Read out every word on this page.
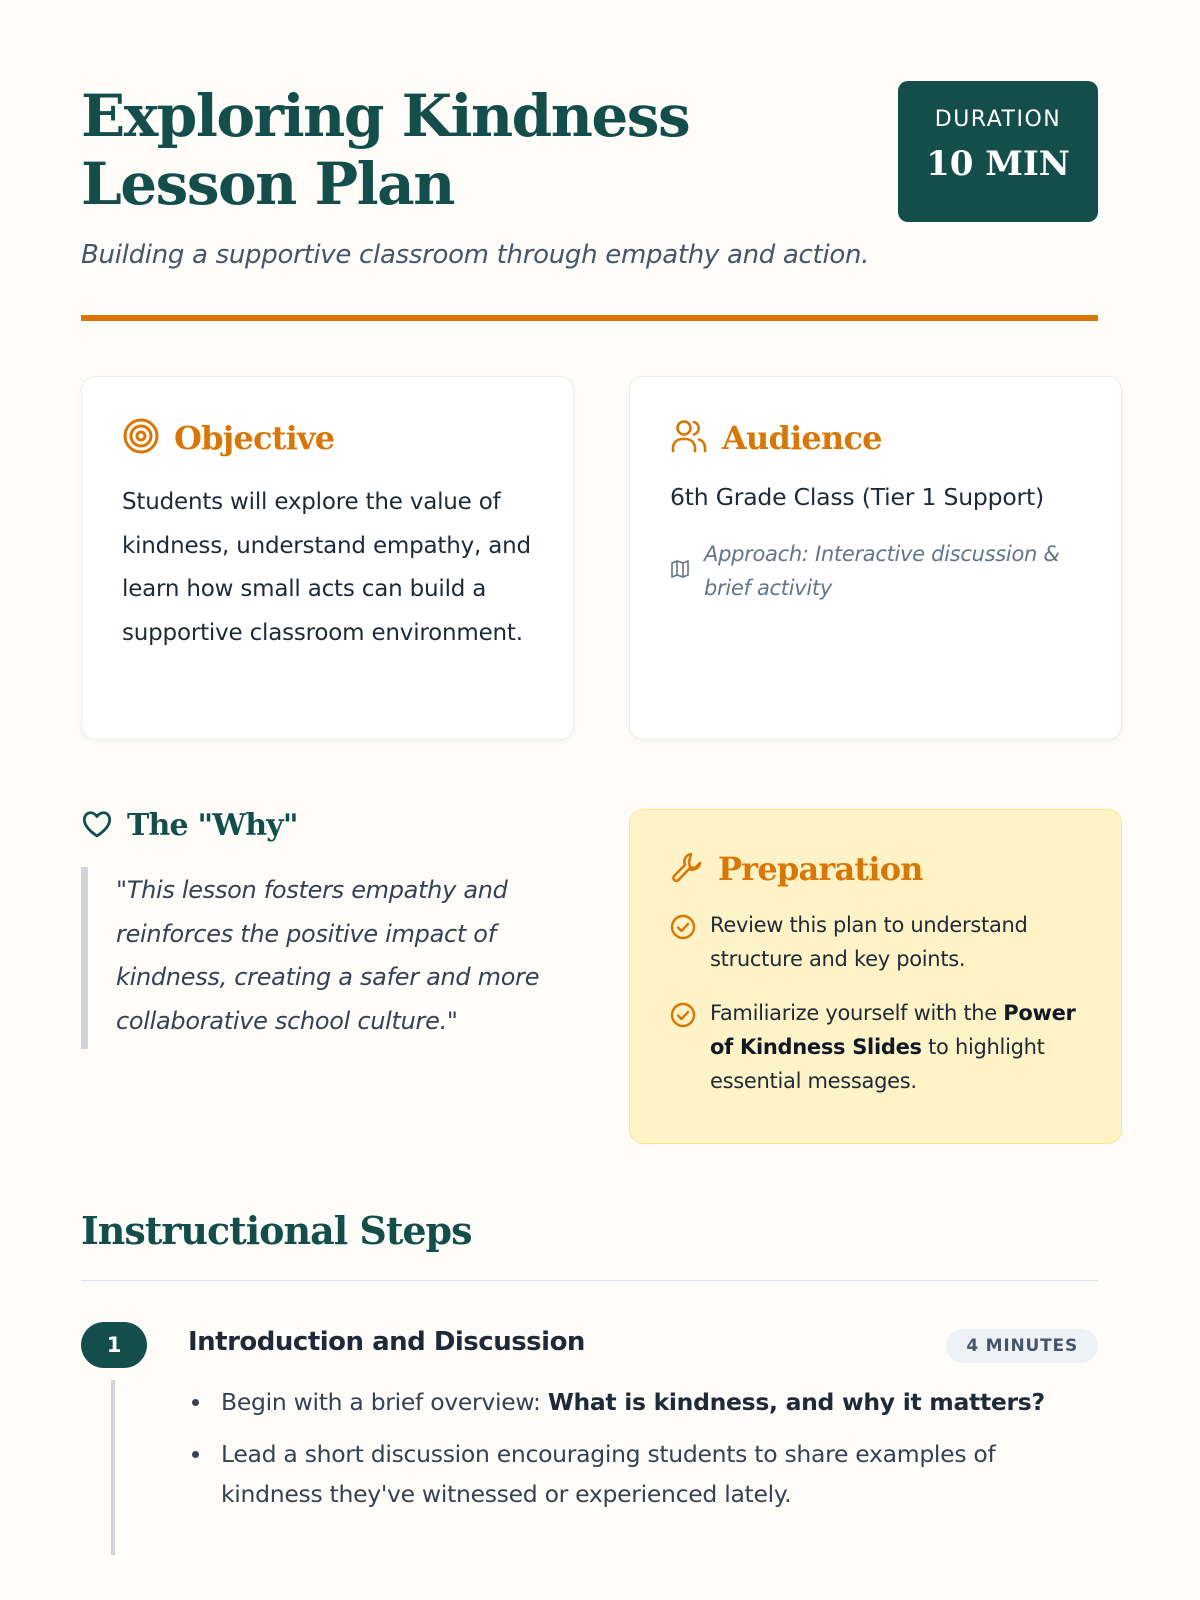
Exploring Kindness Lesson Plan

Building a supportive classroom through empathy and action.

DURATION
10 MIN
Objective

Students will explore the value of kindness, understand empathy, and learn how small acts can build a supportive classroom environment.

Audience

6th Grade Class (Tier 1 Support)

Approach: Interactive discussion & brief activity
The "Why"
"This lesson fosters empathy and reinforces the positive impact of kindness, creating a safer and more collaborative school culture."
Preparation
Review this plan to understand structure and key points.
Familiarize yourself with the Power of Kindness Slides to highlight essential messages.
Instructional Steps
1	Introduction and Discussion	4 MINUTES
Begin with a brief overview: What is kindness, and why it matters?
Lead a short discussion encouraging students to share examples of kindness they've witnessed or experienced lately.
